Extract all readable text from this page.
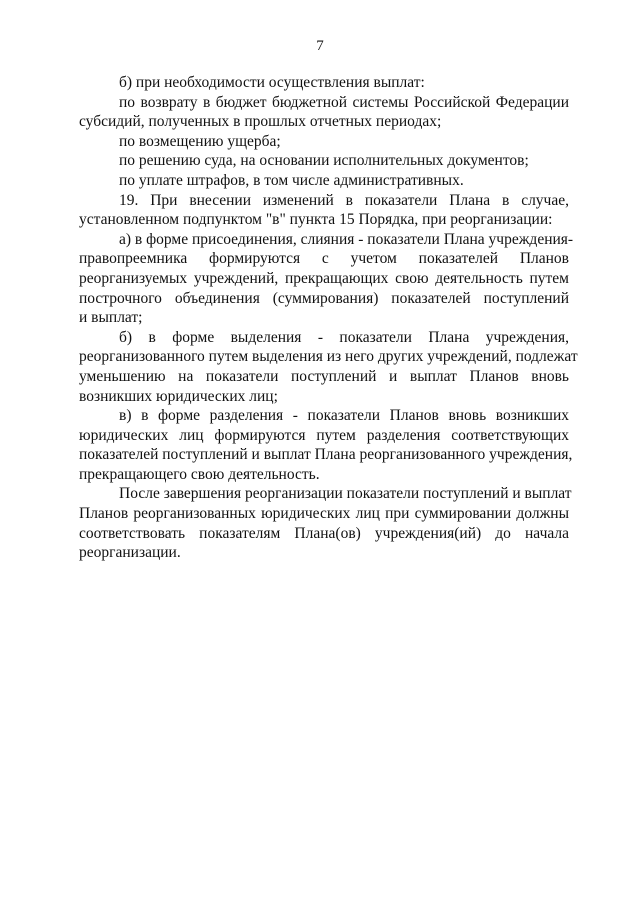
7
б) при необходимости осуществления выплат:
по возврату в бюджет бюджетной системы Российской Федерации
субсидий, полученных в прошлых отчетных периодах;
по возмещению ущерба;
по решению суда, на основании исполнительных документов;
по уплате штрафов, в том числе административных.
19. При внесении изменений в показатели Плана в случае,
установленном подпунктом "в" пункта 15 Порядка, при реорганизации:
а) в форме присоединения, слияния - показатели Плана учреждения-
правопреемника формируются с учетом показателей Планов
реорганизуемых учреждений, прекращающих свою деятельность путем
построчного объединения (суммирования) показателей поступлений
и выплат;
б) в форме выделения - показатели Плана учреждения,
реорганизованного путем выделения из него других учреждений, подлежат
уменьшению на показатели поступлений и выплат Планов вновь
возникших юридических лиц;
в) в форме разделения - показатели Планов вновь возникших
юридических лиц формируются путем разделения соответствующих
показателей поступлений и выплат Плана реорганизованного учреждения,
прекращающего свою деятельность.
После завершения реорганизации показатели поступлений и выплат
Планов реорганизованных юридических лиц при суммировании должны
соответствовать показателям Плана(ов) учреждения(ий) до начала
реорганизации.
